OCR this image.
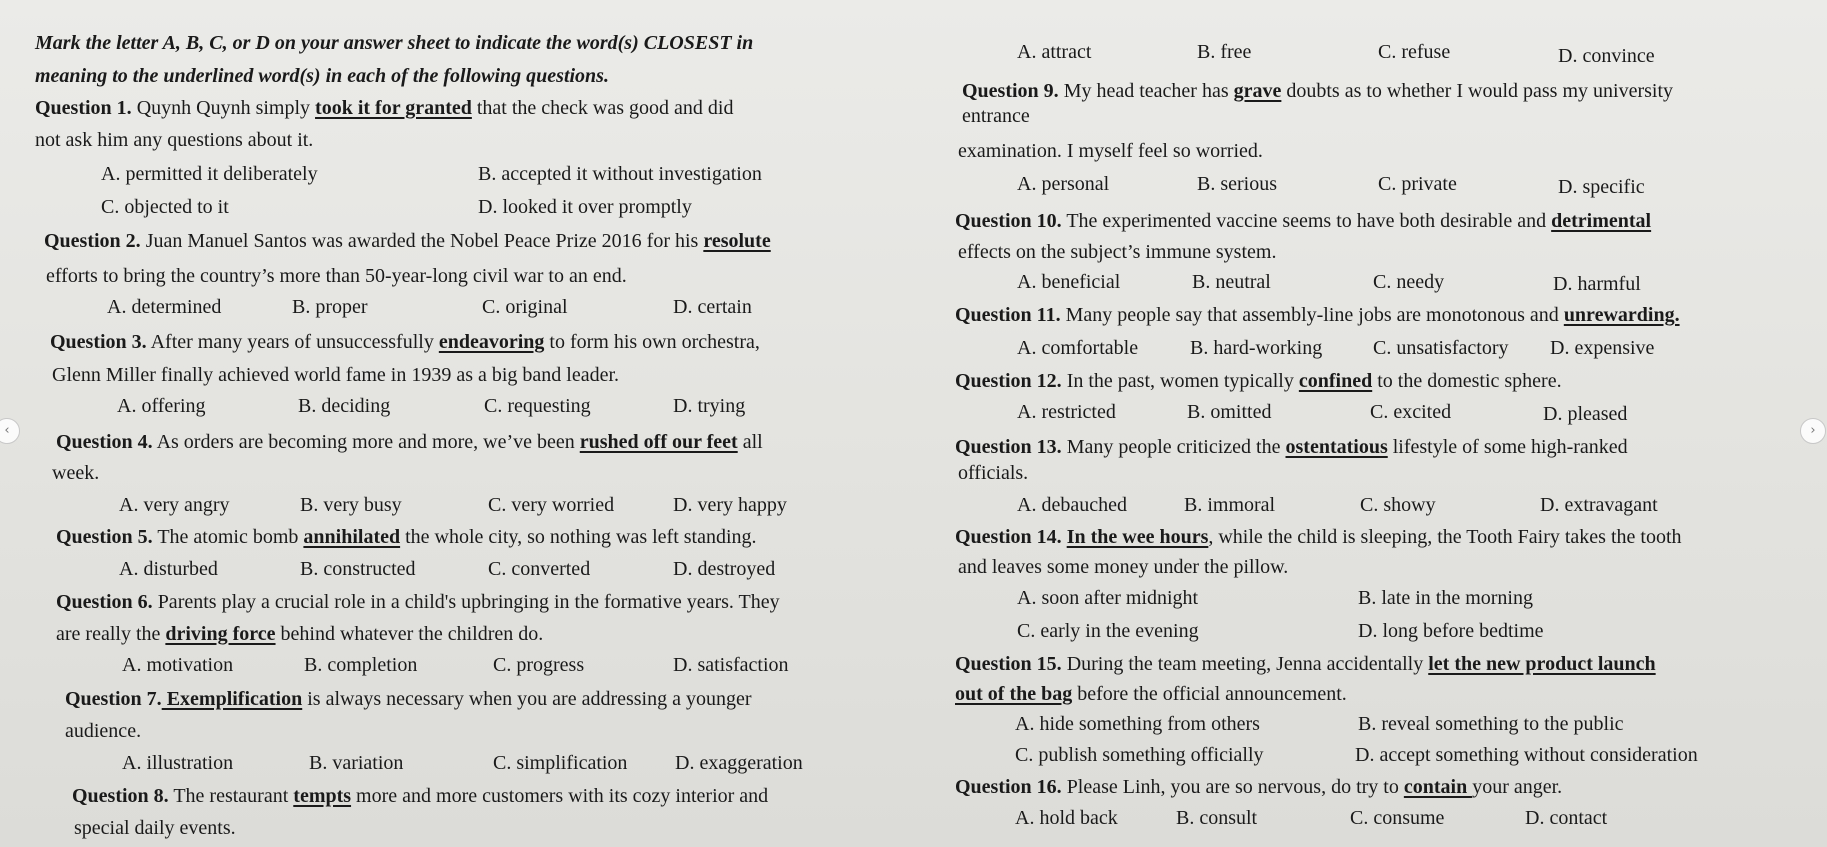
Mark the letter A, B, C, or D on your answer sheet to indicate the word(s) CLOSEST in
meaning to the underlined word(s) in each of the following questions.
Question 1. Quynh Quynh simply took it for granted that the check was good and did
not ask him any questions about it.
A. permitted it deliberately	B. accepted it without investigation
C. objected to it	D. looked it over promptly
Question 2. Juan Manuel Santos was awarded the Nobel Peace Prize 2016 for his resolute
efforts to bring the country’s more than 50-year-long civil war to an end.
A. determined	B. proper	C. original	D. certain
Question 3. After many years of unsuccessfully endeavoring to form his own orchestra,
Glenn Miller finally achieved world fame in 1939 as a big band leader.
A. offering	B. deciding	C. requesting	D. trying
Question 4. As orders are becoming more and more, we’ve been rushed off our feet all
week.
A. very angry	B. very busy	C. very worried	D. very happy
Question 5. The atomic bomb annihilated the whole city, so nothing was left standing.
A. disturbed	B. constructed	C. converted	D. destroyed
Question 6. Parents play a crucial role in a child's upbringing in the formative years. They
are really the driving force behind whatever the children do.
A. motivation	B. completion	C. progress	D. satisfaction
Question 7. Exemplification is always necessary when you are addressing a younger
audience.
A. illustration	B. variation	C. simplification D. exaggeration
Question 8. The restaurant tempts more and more customers with its cozy interior and
special daily events.
A. attract	B. free	C. refuse	D. convince
Question 9. My head teacher has grave doubts as to whether I would pass my university
entrance
examination. I myself feel so worried.
A. personal	B. serious	C. private	D. specific
Question 10. The experimented vaccine seems to have both desirable and detrimental
effects on the subject’s immune system.
A. beneficial	B. neutral	C. needy	D. harmful
Question 11. Many people say that assembly-line jobs are monotonous and unrewarding.
A. comfortable	B. hard-working	C. unsatisfactory D. expensive
Question 12. In the past, women typically confined to the domestic sphere.
A. restricted	B. omitted	C. excited	D. pleased
Question 13. Many people criticized the ostentatious lifestyle of some high-ranked
officials.
A. debauched	B. immoral	C. showy	D. extravagant
Question 14. In the wee hours, while the child is sleeping, the Tooth Fairy takes the tooth
and leaves some money under the pillow.
A. soon after midnight	B. late in the morning
C. early in the evening	D. long before bedtime
Question 15. During the team meeting, Jenna accidentally let the new product launch
out of the bag before the official announcement.
A. hide something from others	B. reveal something to the public
C. publish something officially	D. accept something without consideration
Question 16. Please Linh, you are so nervous, do try to contain your anger.
A. hold back	B. consult	C. consume	D. contact
‹	›
